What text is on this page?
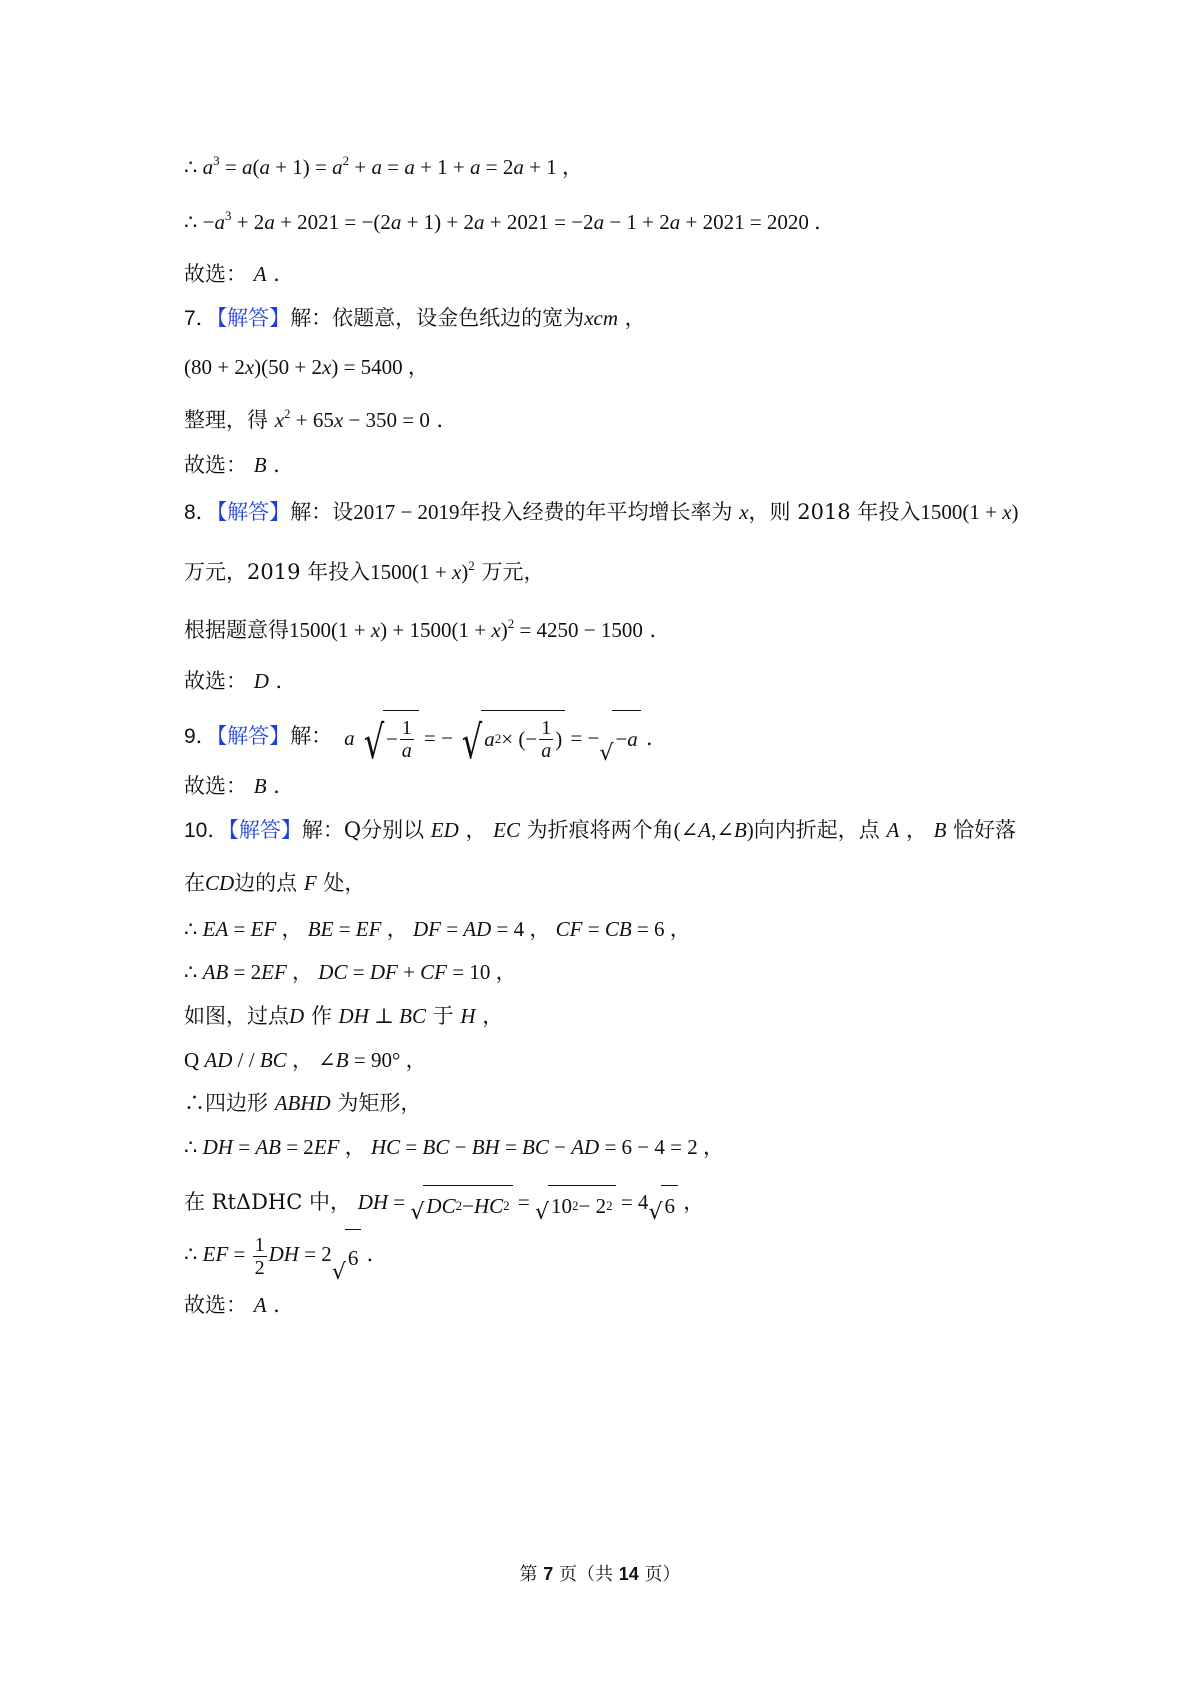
∴ $a^3 = a(a + 1) = a^2 + a = a + 1 + a = 2a + 1$ ，
∴ $-a^3 + 2a + 2021 = -(2a + 1) + 2a + 2021 = -2a - 1 + 2a + 2021 = 2020$ ．
故选： A ．
7．【解答】解：依题意，设金色纸边的宽为xcm ，
(80 + 2x)(50 + 2x) = 5400 ，
整理，得 $x^2 + 65x - 350 = 0$ ．
故选： B ．
8．【解答】解：设2017 − 2019年投入经费的年平均增长率为 x，则 2018 年投入1500(1 + x)
万元，2019 年投入$1500(1 + x)^2$ 万元，
根据题意得$1500(1 + x) + 1500(1 + x)^2 = 4250 - 1500$ ．
故选： D ．
9．【解答】解： a √ − $\frac{1}{a}$ = − √ a 2 × (− $\frac{1}{a}$ ) = −
√
− a ．
故选： B ．
10．【解答】解：Q分别以 ED ， EC 为折痕将两个角(∠A,∠B)向内折起，点 A ， B 恰好落
在CD边的点 F 处，
∴ EA = EF ， BE = EF ， DF = AD = 4 ， CF = CB = 6 ，
∴ AB = 2EF ， DC = DF + CF = 10 ，
如图，过点D 作 DH ⊥ BC 于 H ，
Q AD / / BC ， ∠B = 90° ，
∴四边形 ABHD 为矩形，
∴ DH = AB = 2EF ， HC = BC − BH = BC − AD = 6 − 4 = 2 ，
在 RtΔDHC 中， DH = √ DC 2 − HC 2 = √ 10 2 − 2 2 = 4 √ 6 ，
∴ EF = $\frac{1}{2}$ DH = 2
√
6 ．
故选： A ．
第 7 页（共 14 页）
